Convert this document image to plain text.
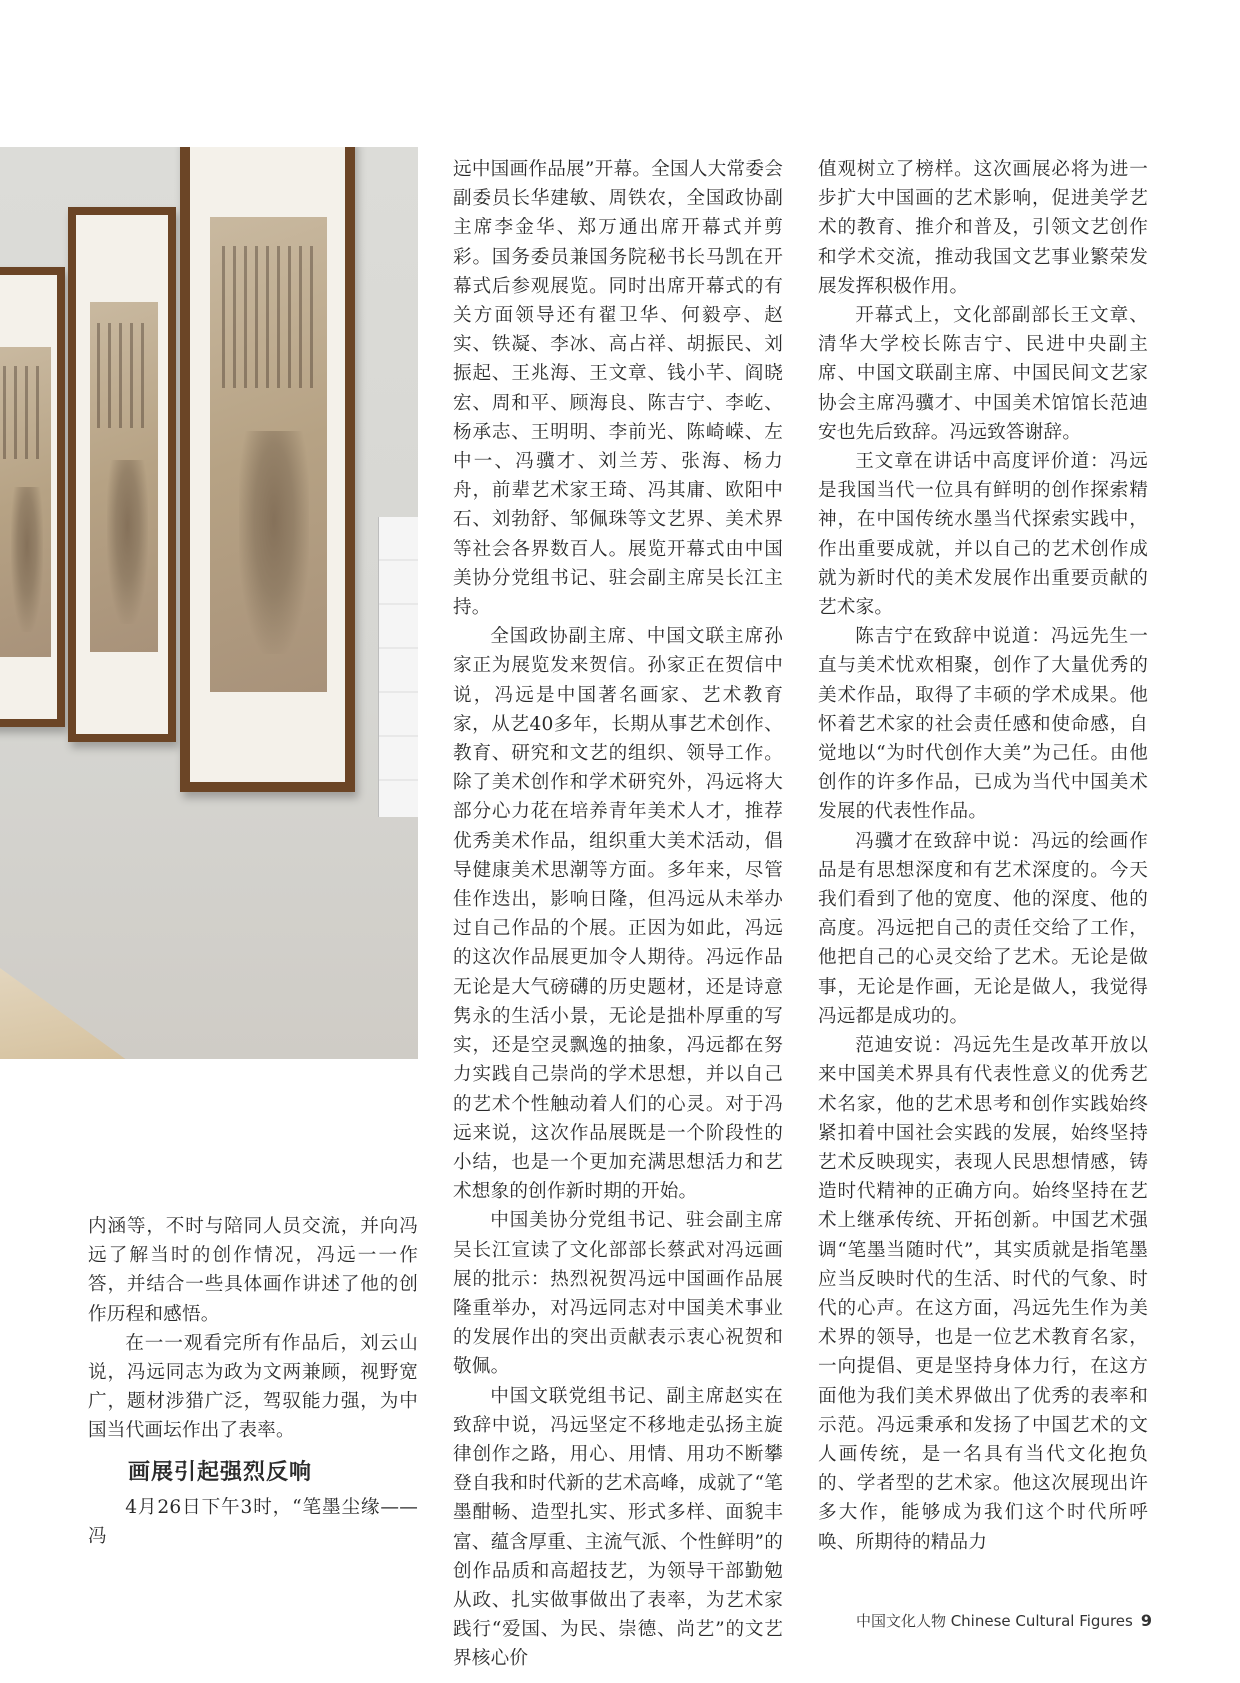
内涵等，不时与陪同人员交流，并向冯远了解当时的创作情况，冯远一一作答，并结合一些具体画作讲述了他的创作历程和感悟。

在一一观看完所有作品后，刘云山说，冯远同志为政为文两兼顾，视野宽广，题材涉猎广泛，驾驭能力强，为中国当代画坛作出了表率。

画展引起强烈反响

4月26日下午3时，“笔墨尘缘——冯

远中国画作品展”开幕。全国人大常委会副委员长华建敏、周铁农，全国政协副主席李金华、郑万通出席开幕式并剪彩。国务委员兼国务院秘书长马凯在开幕式后参观展览。同时出席开幕式的有关方面领导还有翟卫华、何毅亭、赵实、铁凝、李冰、高占祥、胡振民、刘振起、王兆海、王文章、钱小芊、阎晓宏、周和平、顾海良、陈吉宁、李屹、杨承志、王明明、李前光、陈崎嵘、左中一、冯骥才、刘兰芳、张海、杨力舟，前辈艺术家王琦、冯其庸、欧阳中石、刘勃舒、邹佩珠等文艺界、美术界等社会各界数百人。展览开幕式由中国美协分党组书记、驻会副主席吴长江主持。

全国政协副主席、中国文联主席孙家正为展览发来贺信。孙家正在贺信中说，冯远是中国著名画家、艺术教育家，从艺40多年，长期从事艺术创作、教育、研究和文艺的组织、领导工作。除了美术创作和学术研究外，冯远将大部分心力花在培养青年美术人才，推荐优秀美术作品，组织重大美术活动，倡导健康美术思潮等方面。多年来，尽管佳作迭出，影响日隆，但冯远从未举办过自己作品的个展。正因为如此，冯远的这次作品展更加令人期待。冯远作品无论是大气磅礴的历史题材，还是诗意隽永的生活小景，无论是拙朴厚重的写实，还是空灵飘逸的抽象，冯远都在努力实践自己崇尚的学术思想，并以自己的艺术个性触动着人们的心灵。对于冯远来说，这次作品展既是一个阶段性的小结，也是一个更加充满思想活力和艺术想象的创作新时期的开始。

中国美协分党组书记、驻会副主席吴长江宣读了文化部部长蔡武对冯远画展的批示：热烈祝贺冯远中国画作品展隆重举办，对冯远同志对中国美术事业的发展作出的突出贡献表示衷心祝贺和敬佩。

中国文联党组书记、副主席赵实在致辞中说，冯远坚定不移地走弘扬主旋律创作之路，用心、用情、用功不断攀登自我和时代新的艺术高峰，成就了“笔墨酣畅、造型扎实、形式多样、面貌丰富、蕴含厚重、主流气派、个性鲜明”的创作品质和高超技艺，为领导干部勤勉从政、扎实做事做出了表率，为艺术家践行“爱国、为民、崇德、尚艺”的文艺界核心价

值观树立了榜样。这次画展必将为进一步扩大中国画的艺术影响，促进美学艺术的教育、推介和普及，引领文艺创作和学术交流，推动我国文艺事业繁荣发展发挥积极作用。

开幕式上，文化部副部长王文章、清华大学校长陈吉宁、民进中央副主席、中国文联副主席、中国民间文艺家协会主席冯骥才、中国美术馆馆长范迪安也先后致辞。冯远致答谢辞。

王文章在讲话中高度评价道：冯远是我国当代一位具有鲜明的创作探索精神，在中国传统水墨当代探索实践中，作出重要成就，并以自己的艺术创作成就为新时代的美术发展作出重要贡献的艺术家。

陈吉宁在致辞中说道：冯远先生一直与美术忧欢相聚，创作了大量优秀的美术作品，取得了丰硕的学术成果。他怀着艺术家的社会责任感和使命感，自觉地以“为时代创作大美”为己任。由他创作的许多作品，已成为当代中国美术发展的代表性作品。

冯骥才在致辞中说：冯远的绘画作品是有思想深度和有艺术深度的。今天我们看到了他的宽度、他的深度、他的高度。冯远把自己的责任交给了工作，他把自己的心灵交给了艺术。无论是做事，无论是作画，无论是做人，我觉得冯远都是成功的。

范迪安说：冯远先生是改革开放以来中国美术界具有代表性意义的优秀艺术名家，他的艺术思考和创作实践始终紧扣着中国社会实践的发展，始终坚持艺术反映现实，表现人民思想情感，铸造时代精神的正确方向。始终坚持在艺术上继承传统、开拓创新。中国艺术强调“笔墨当随时代”，其实质就是指笔墨应当反映时代的生活、时代的气象、时代的心声。在这方面，冯远先生作为美术界的领导，也是一位艺术教育名家，一向提倡、更是坚持身体力行，在这方面他为我们美术界做出了优秀的表率和示范。冯远秉承和发扬了中国艺术的文人画传统，是一名具有当代文化抱负的、学者型的艺术家。他这次展现出许多大作，能够成为我们这个时代所呼唤、所期待的精品力

中国文化人物 Chinese Cultural Figures 9
